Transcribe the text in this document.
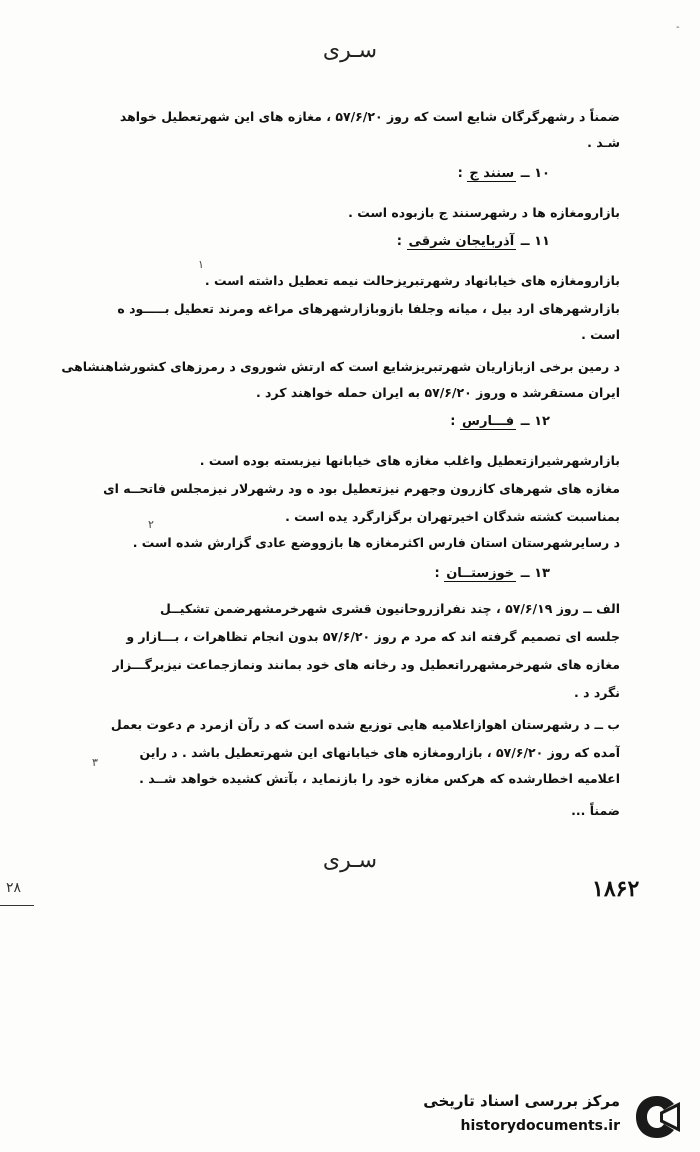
-
سـری
ضمناً د رشهرگرگان شایع است که روز ۵۷/۶/۲۰ ، مغازه های این شهرتعطیل خواهد
شـد .
۱۰ ــ سنند ج :
بازارومغازه ها د رشهرسنند ج بازبوده است .
۱۱ ــ آذربایجان شرقی :
۱
بازارومغازه های خیابانهاد رشهرتبریزحالت نیمه تعطیل داشته است .
بازارشهرهای ارد بیل ، میانه وجلفا بازوبازارشهرهای مراغه ومرند تعطیل بـــــود ه
است .
د رمین برخی ازبازاریان شهرتبریزشایع است که ارتش شوروی د رمرزهای کشورشاهنشاهی
ایران مستقرشد ه وروز ۵۷/۶/۲۰ به ایران حمله خواهند کرد .
۱۲ ــ فـــارس :
بازارشهرشیرازتعطیل واغلب مغازه های خیابانها نیزبسته بوده است .
مغازه های شهرهای کازرون وجهرم نیزتعطیل بود ه ود رشهرلار نیزمجلس فاتحــه ای
بمناسبت کشته شدگان اخیرتهران برگزارگرد یده است .
۲
د رسایرشهرستان استان فارس اکثرمغازه ها بازووضع عادی گزارش شده است .
۱۳ ــ خوزستــان :
الف ــ روز ۵۷/۶/۱۹ ، چند نفرازروحانیون قشری شهرخرمشهرضمن تشکیــل
جلسه ای تصمیم گرفته اند که مرد م روز ۵۷/۶/۲۰ بدون انجام تظاهرات ، بـــازار و
مغازه های شهرخرمشهرراتعطیل ود رخانه های خود بمانند ونمازجماعت نیزبرگـــزار
نگرد د .
ب ــ د رشهرستان اهوازاعلامیه هایی توزیع شده است که د رآن ازمرد م دعوت بعمل
آمده که روز ۵۷/۶/۲۰ ، بازارومغازه های خیابانهای این شهرتعطیل باشد . د راین
۳
اعلامیه اخطارشده که هرکس مغازه خود را بازنماید ، بآتش کشیده خواهد شــد .
ضمناً ...
سـری
۲۸	۱۸۶۲
مرکز بررسی اسناد تاریخی
historydocuments.ir
